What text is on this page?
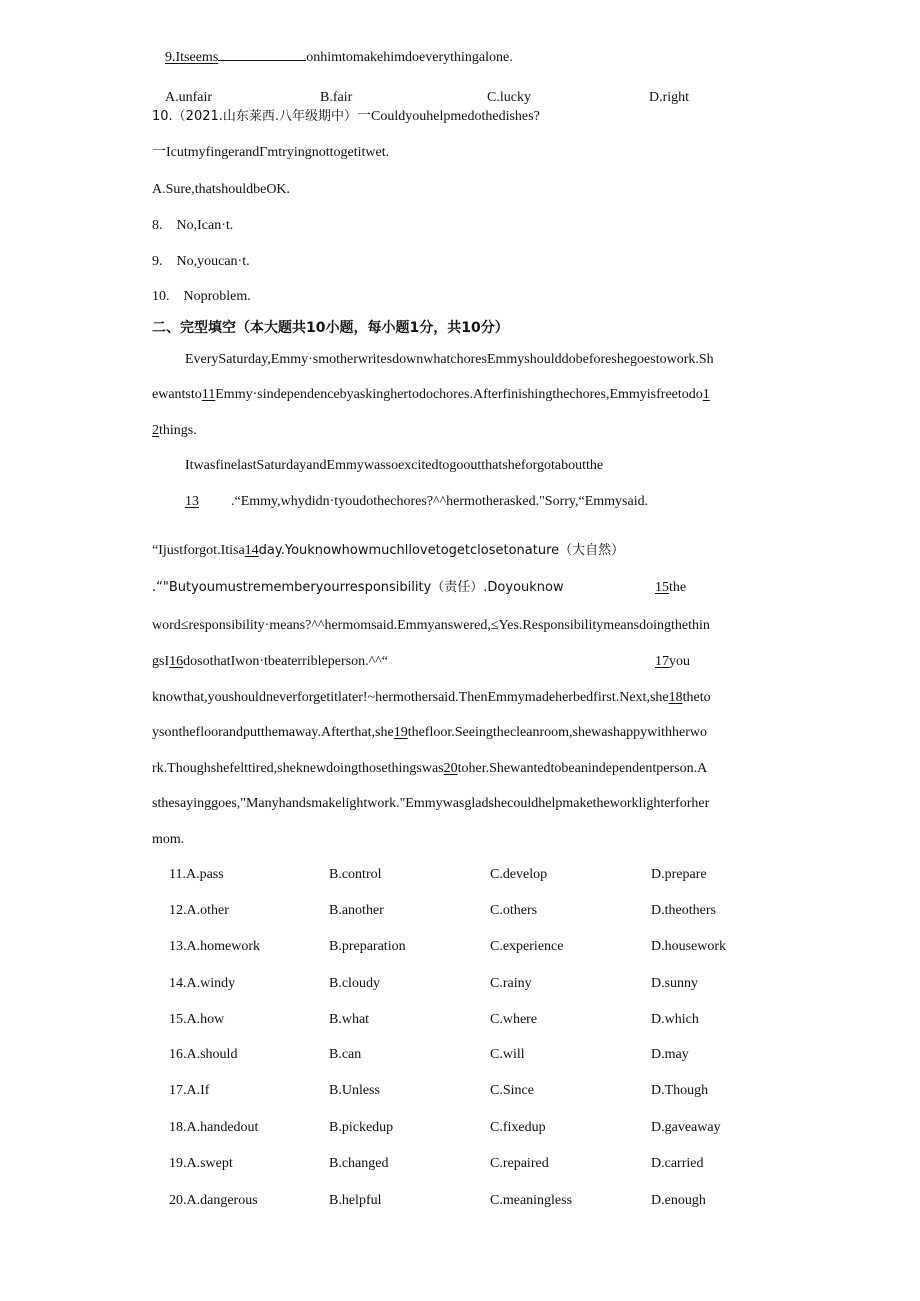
9.Itseems	onhimtomakehimdoeverythingalone.
A.unfair	B.fair	C.lucky	D.right
10.（2021.山东莱西.八年级期中）一Couldyouhelpmedothedishes?
一IcutmyfingerandΓmtryingnottogetitwet.
A.Sure,thatshouldbeOK.
8. No,Ican·t.
9. No,youcan·t.
10. Noproblem.
二、完型填空（本大题共10小题，每小题1分，共10分）
EverySaturday,Emmy·smotherwritesdownwhatchoresEmmyshoulddobeforeshegoestowork.Sh
ewantsto11Emmy·sindependencebyaskinghertodochores.Afterfinishingthechores,Emmyisfreetodo1
2things.
ItwasfinelastSaturdayandEmmywassoexcitedtogooutthatsheforgotaboutthe
13 .“Emmy,whydidn·tyoudothechores?^^hermotherasked."Sorry,“Emmysaid.
“Ijustforgot.Itisa14day.Youknowhowmuchllovetogetclosetonature（大自然）
.“"Butyoumustrememberyourresponsibility（责任）.Doyouknow	15the
word≤responsibility·means?^^hermomsaid.Emmyanswered,≤Yes.Responsibilitymeansdoingthethin
gsI16dosothatIwon·tbeaterribleperson.^^“	17you
knowthat,youshouldneverforgetitlater!~hermothersaid.ThenEmmymadeherbedfirst.Next,she18theto
ysonthefloorandputthemaway.Afterthat,she19thefloor.Seeingthecleanroom,shewashappywithherwo
rk.Thoughshefelttired,sheknewdoingthosethingswas20toher.Shewantedtobeanindependentperson.A
sthesayinggoes,"Manyhandsmakelightwork."Emmywasgladshecouldhelpmaketheworklighterforher
mom.
11.A.pass	B.control	C.develop	D.prepare
12.A.other	B.another	C.others	D.theothers
13.A.homework	B.preparation	C.experience	D.housework
14.A.windy	B.cloudy	C.rainy	D.sunny
15.A.how	B.what	C.where	D.which
16.A.should	B.can	C.will	D.may
17.A.If	B.Unless	C.Since	D.Though
18.A.handedout	B.pickedup	C.fixedup	D.gaveaway
19.A.swept	B.changed	C.repaired	D.carried
20.A.dangerous	B.helpful	C.meaningless	D.enough
